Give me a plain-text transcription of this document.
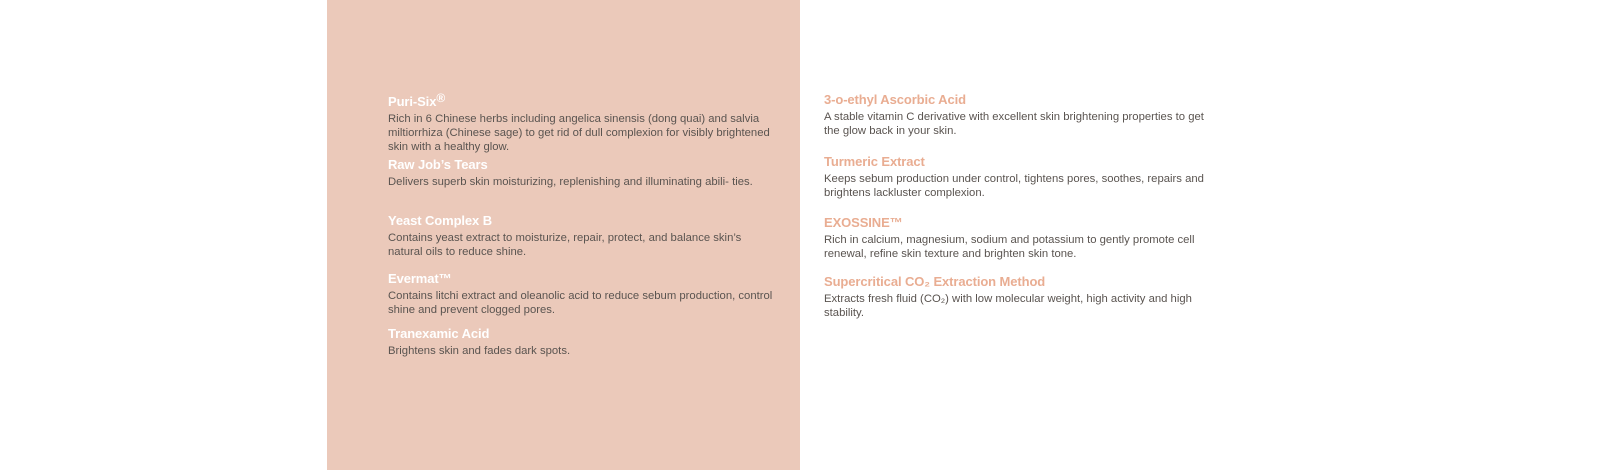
Puri-Six®

Rich in 6 Chinese herbs including angelica sinensis (dong quai) and salvia miltiorrhiza (Chinese sage) to get rid of dull complexion for visibly brightened skin with a healthy glow.

Raw Job’s Tears

Delivers superb skin moisturizing, replenishing and illuminating abili- ties.

Yeast Complex B

Contains yeast extract to moisturize, repair, protect, and balance skin’s natural oils to reduce shine.

Evermat™

Contains litchi extract and oleanolic acid to reduce sebum production, control shine and prevent clogged pores.

Tranexamic Acid

Brightens skin and fades dark spots.

3-o-ethyl Ascorbic Acid

A stable vitamin C derivative with excellent skin brightening properties to get the glow back in your skin.

Turmeric Extract

Keeps sebum production under control, tightens pores, soothes, repairs and brightens lackluster complexion.

EXOSSINE™

Rich in calcium, magnesium, sodium and potassium to gently promote cell renewal, refine skin texture and brighten skin tone.

Supercritical CO₂ Extraction Method

Extracts fresh fluid (CO₂) with low molecular weight, high activity and high stability.
